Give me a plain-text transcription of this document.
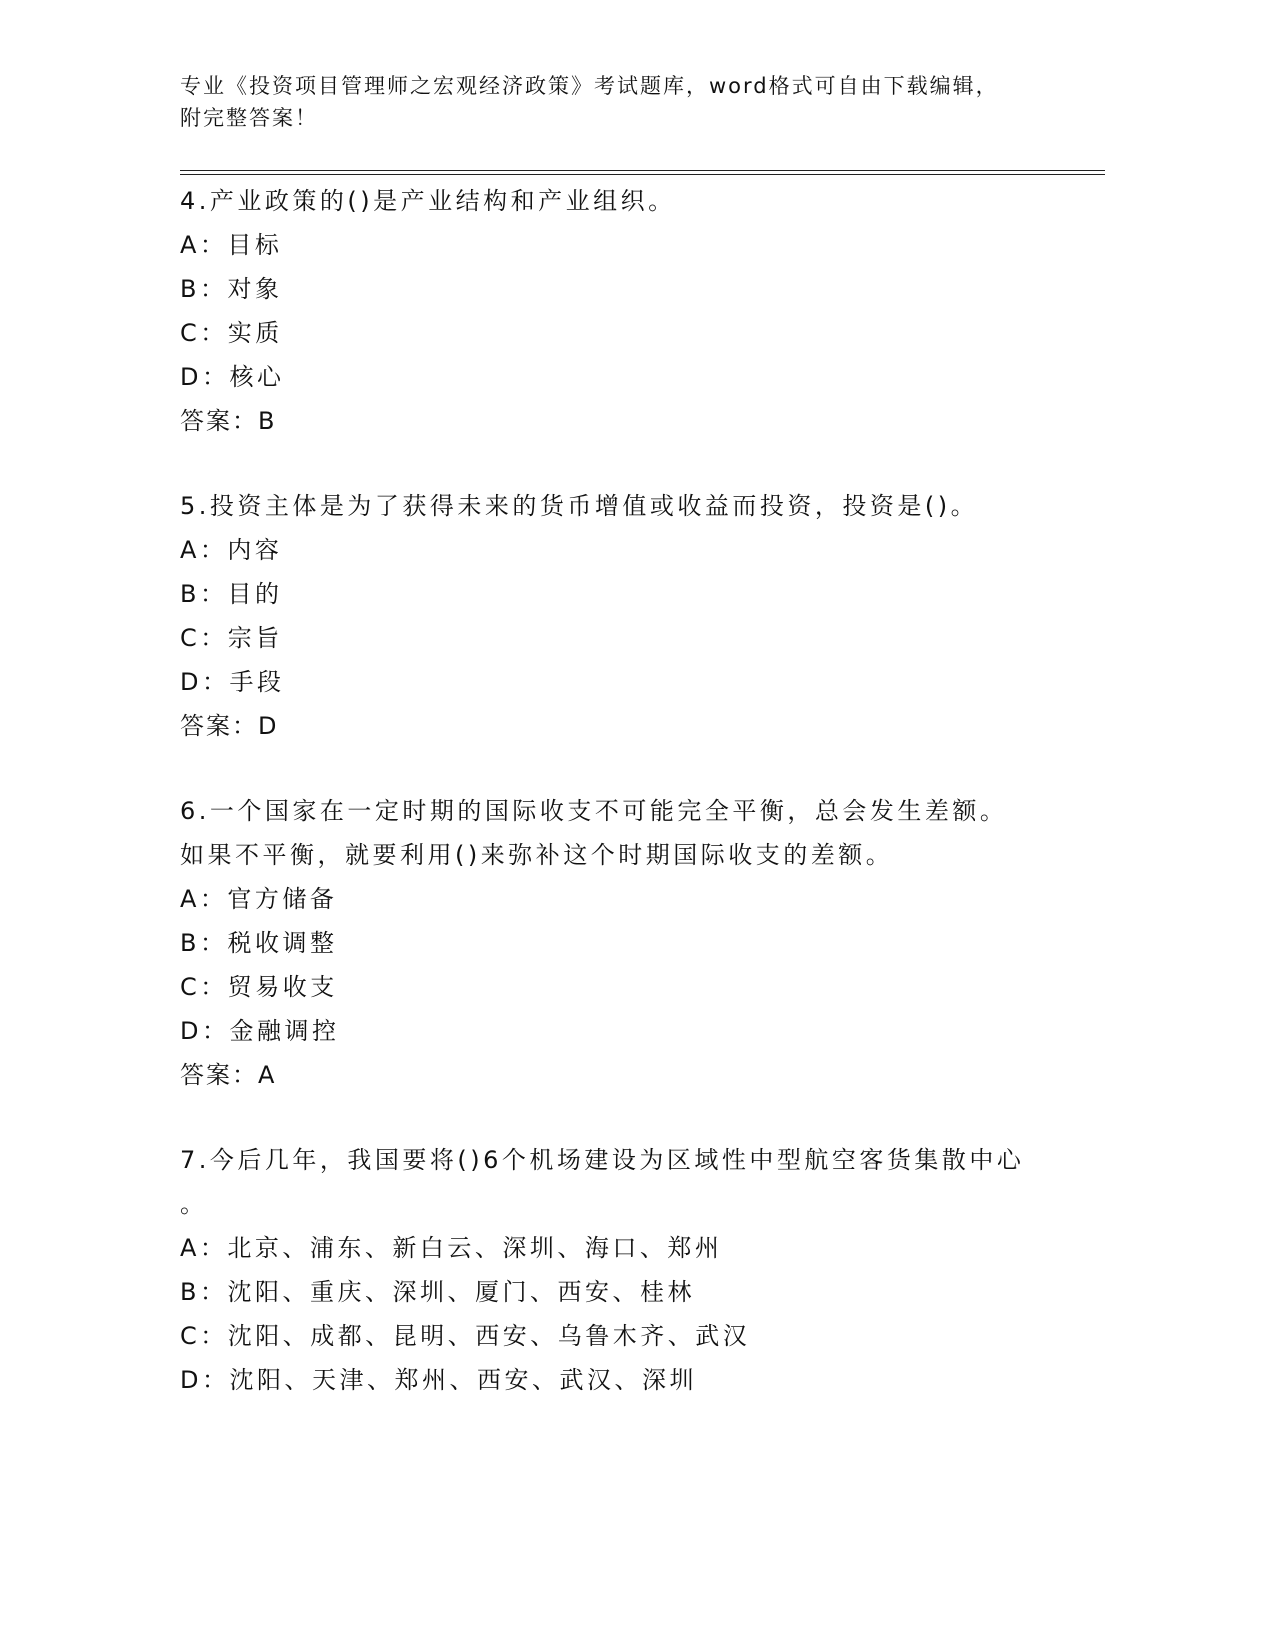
专业《投资项目管理师之宏观经济政策》考试题库，word格式可自由下载编辑，
附完整答案！
4.产业政策的()是产业结构和产业组织。
A：目标
B：对象
C：实质
D：核心
答案：B
5.投资主体是为了获得未来的货币增值或收益而投资，投资是()。
A：内容
B：目的
C：宗旨
D：手段
答案：D
6.一个国家在一定时期的国际收支不可能完全平衡，总会发生差额。
如果不平衡，就要利用()来弥补这个时期国际收支的差额。
A：官方储备
B：税收调整
C：贸易收支
D：金融调控
答案：A
7.今后几年，我国要将()6个机场建设为区域性中型航空客货集散中心
。
A：北京、浦东、新白云、深圳、海口、郑州
B：沈阳、重庆、深圳、厦门、西安、桂林
C：沈阳、成都、昆明、西安、乌鲁木齐、武汉
D：沈阳、天津、郑州、西安、武汉、深圳
